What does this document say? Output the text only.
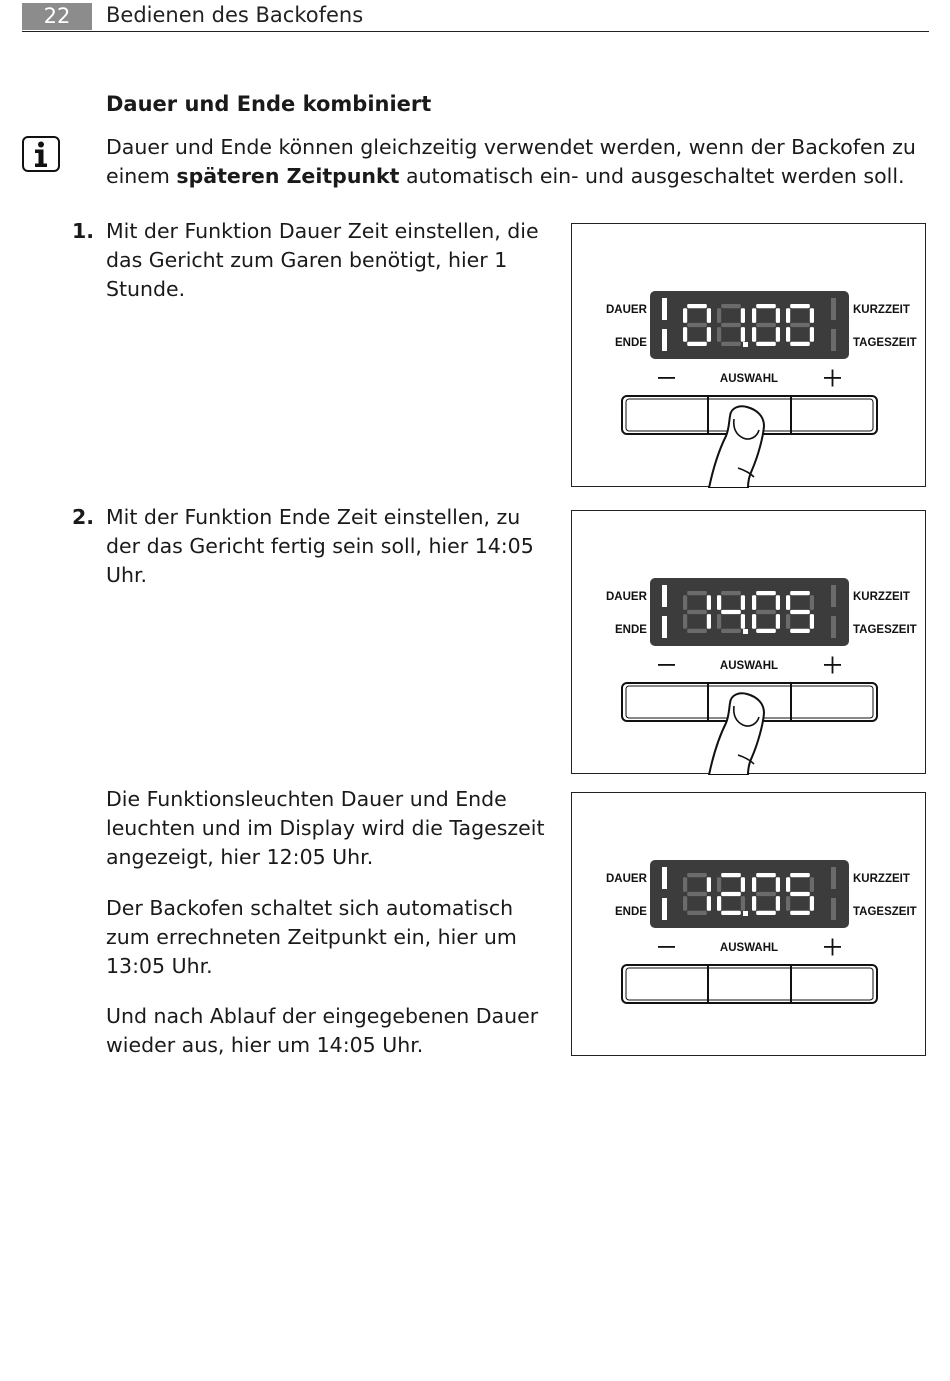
22	Bedienen des Backofens
Dauer und Ende kombiniert

Dauer und Ende können gleichzeitig verwendet werden, wenn der Backofen zu einem späteren Zeitpunkt automatisch ein- und ausgeschaltet werden soll.

1. Mit der Funktion Dauer Zeit einstellen, die das Gericht zum Garen benötigt, hier 1 Stunde.

2. Mit der Funktion Ende Zeit einstellen, zu der das Gericht fertig sein soll, hier 14:05 Uhr.

Die Funktionsleuchten Dauer und Ende leuchten und im Display wird die Tageszeit angezeigt, hier 12:05 Uhr.

Der Backofen schaltet sich automatisch zum errechneten Zeitpunkt ein, hier um 13:05 Uhr.

Und nach Ablauf der eingegebenen Dauer wieder aus, hier um 14:05 Uhr.

DAUER
ENDE
KURZZEIT
TAGESZEIT
AUSWAHL
DAUER
ENDE
KURZZEIT
TAGESZEIT
AUSWAHL
DAUER
ENDE
KURZZEIT
TAGESZEIT
AUSWAHL
